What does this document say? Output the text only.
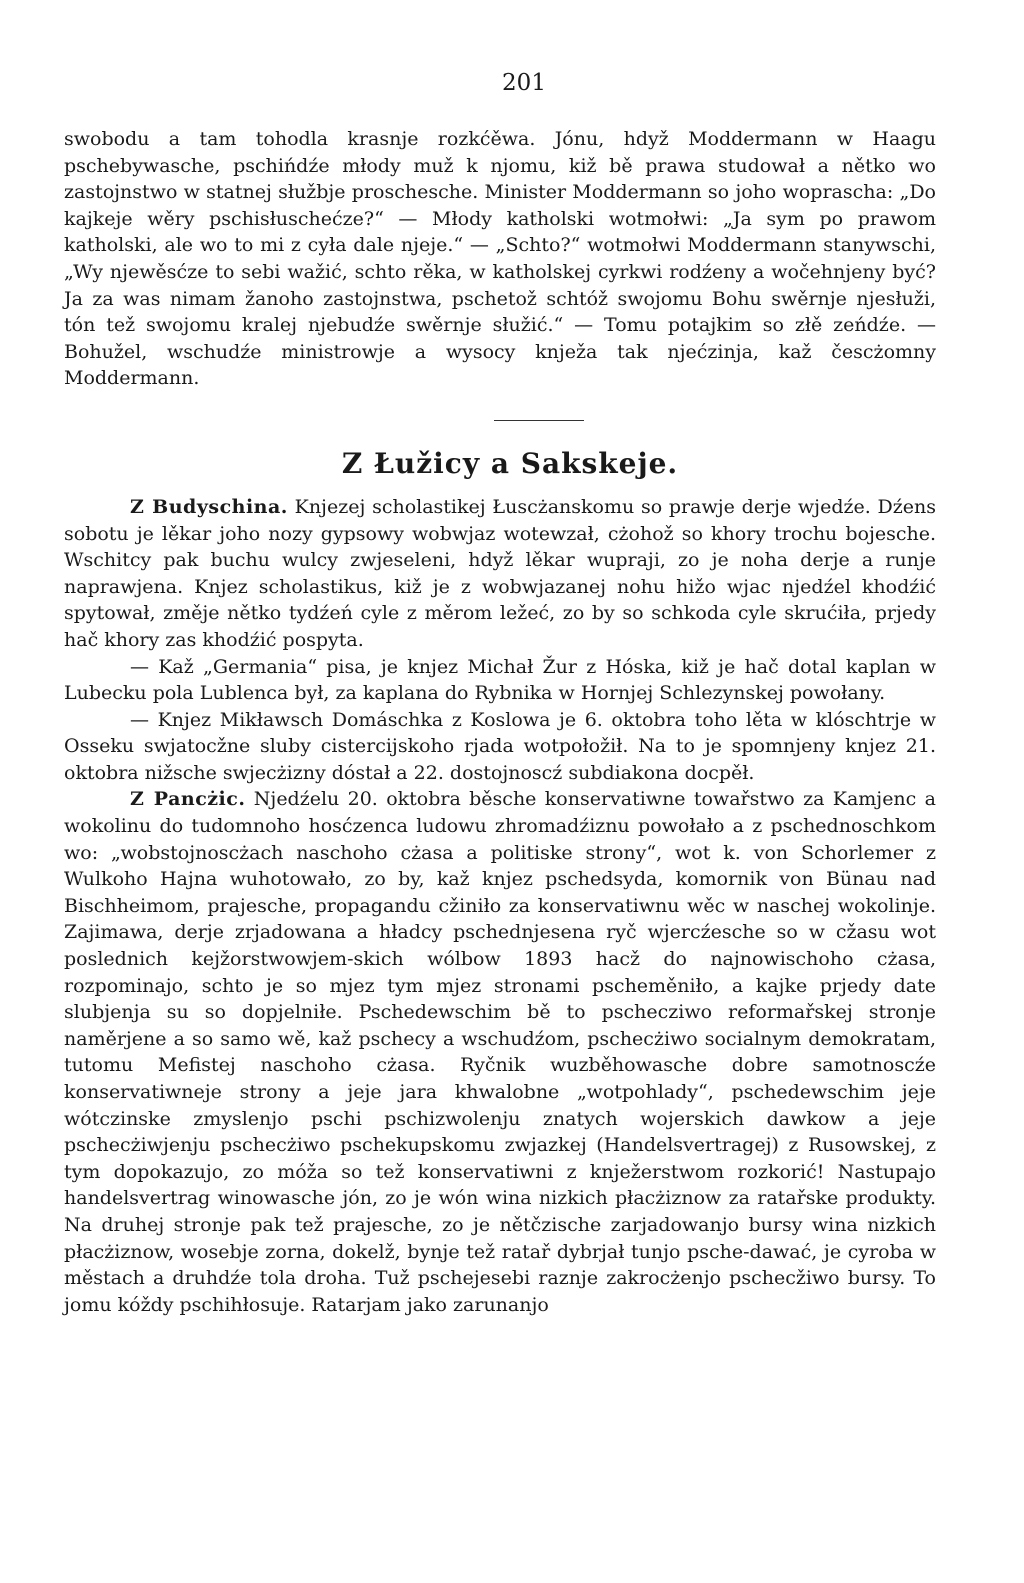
201

swobodu a tam tohodla krasnje rozkćěwa. Jónu, hdyž Moddermann w Haagu pschebywasche, pschińdźe młody muž k njomu, kiž bě prawa studował a nětko wo zastojnstwo w statnej słužbje proschesche. Minister Moddermann so joho woprascha: „Do kajkeje wěry pschisłuschećze?“ — Młody katholski wotmołwi: „Ja sym po prawom katholski, ale wo to mi z cyła dale njeje.“ — „Schto?“ wotmołwi Moddermann stanywschi, „Wy njewěsćze to sebi wažić, schto rěka, w katholskej cyrkwi rodźeny a wočehnjeny być? Ja za was nimam žanoho zastojnstwa, pschetož schtóž swojomu Bohu swěrnje njesłuži, tón tež swojomu kralej njebudźe swěrnje słužić.“ — Tomu potajkim so złě zeńdźe. — Bohužel, wschudźe ministrowje a wysocy knježa tak njećzinja, kaž čescżomny Moddermann.

Z Łužicy a Sakskeje.

Z Budyschina. Knjezej scholastikej Łuscżanskomu so prawje derje wjedźe. Dźens sobotu je lěkar joho nozy gypsowy wobwjaz wotewzał, cżohož so khory trochu bojesche. Wschitcy pak buchu wulcy zwjeseleni, hdyž lěkar wupraji, zo je noha derje a runje naprawjena. Knjez scholastikus, kiž je z wobwjazanej nohu hižo wjac njedźel khodźić spytował, změje nětko tydźeń cyle z měrom ležeć, zo by so schkoda cyle skrućiła, prjedy hač khory zas khodźić pospyta.

— Kaž „Germania“ pisa, je knjez Michał Žur z Hóska, kiž je hač dotal kaplan w Lubecku pola Lublenca był, za kaplana do Rybnika w Hornjej Schlezynskej powołany.

— Knjez Mikławsch Domáschka z Koslowa je 6. oktobra toho lěta w klóschtrje w Osseku swjatocžne sluby cistercijskoho rjada wotpołožił. Na to je spomnjeny knjez 21. oktobra nižsche swjecżizny dóstał a 22. dostojnoscź subdiakona docpěł.

Z Pancżic. Njedźelu 20. oktobra běsche konservatiwne towařstwo za Kamjenc a wokolinu do tudomnoho hosćzenca ludowu zhromadźiznu powołało a z pschednoschkom wo: „wobstojnoscżach naschoho cżasa a politiske strony“, wot k. von Schorlemer z Wulkoho Hajna wuhotowało, zo by, kaž knjez pschedsyda, komornik von Bünau nad Bischheimom, prajesche, propagandu cžiniło za konservatiwnu wěc w naschej wokolinje. Zajimawa, derje zrjadowana a hładcy pschednjesena ryč wjercźesche so w cžasu wot poslednich kejžorstwowjem-skich wólbow 1893 hacž do najnowischoho cżasa, rozpominajo, schto je so mjez tym mjez stronami pscheměniło, a kajke prjedy date slubjenja su so dopjelniłe. Pschedewschim bě to pschecziwo reformařskej stronje naměrjene a so samo wě, kaž pschecy a wschudźom, pschecżiwo socialnym demokratam, tutomu Mefistej naschoho cżasa. Ryčnik wuzběhowasche dobre samotnoscźe konservatiwneje strony a jeje jara khwalobne „wotpohlady“, pschedewschim jeje wótczinske zmyslenjo pschi pschizwolenju znatych wojerskich dawkow a jeje pschecżiwjenju pschecżiwo pschekupskomu zwjazkej (Handelsvertragej) z Rusowskej, z tym dopokazujo, zo móža so tež konservatiwni z knježerstwom rozkorić! Nastupajo handelsvertrag winowasche jón, zo je wón wina nizkich płacżiznow za ratařske produkty. Na druhej stronje pak tež prajesche, zo je nětčzische zarjadowanjo bursy wina nizkich płacżiznow, wosebje zorna, dokelž, bynje tež ratař dybrjał tunjo psche-dawać, je cyroba w městach a druhdźe tola droha. Tuž pschejesebi raznje zakrocżenjo pschecžiwo bursy. To jomu kóždy pschihłosuje. Ratarjam jako zarunanjo
